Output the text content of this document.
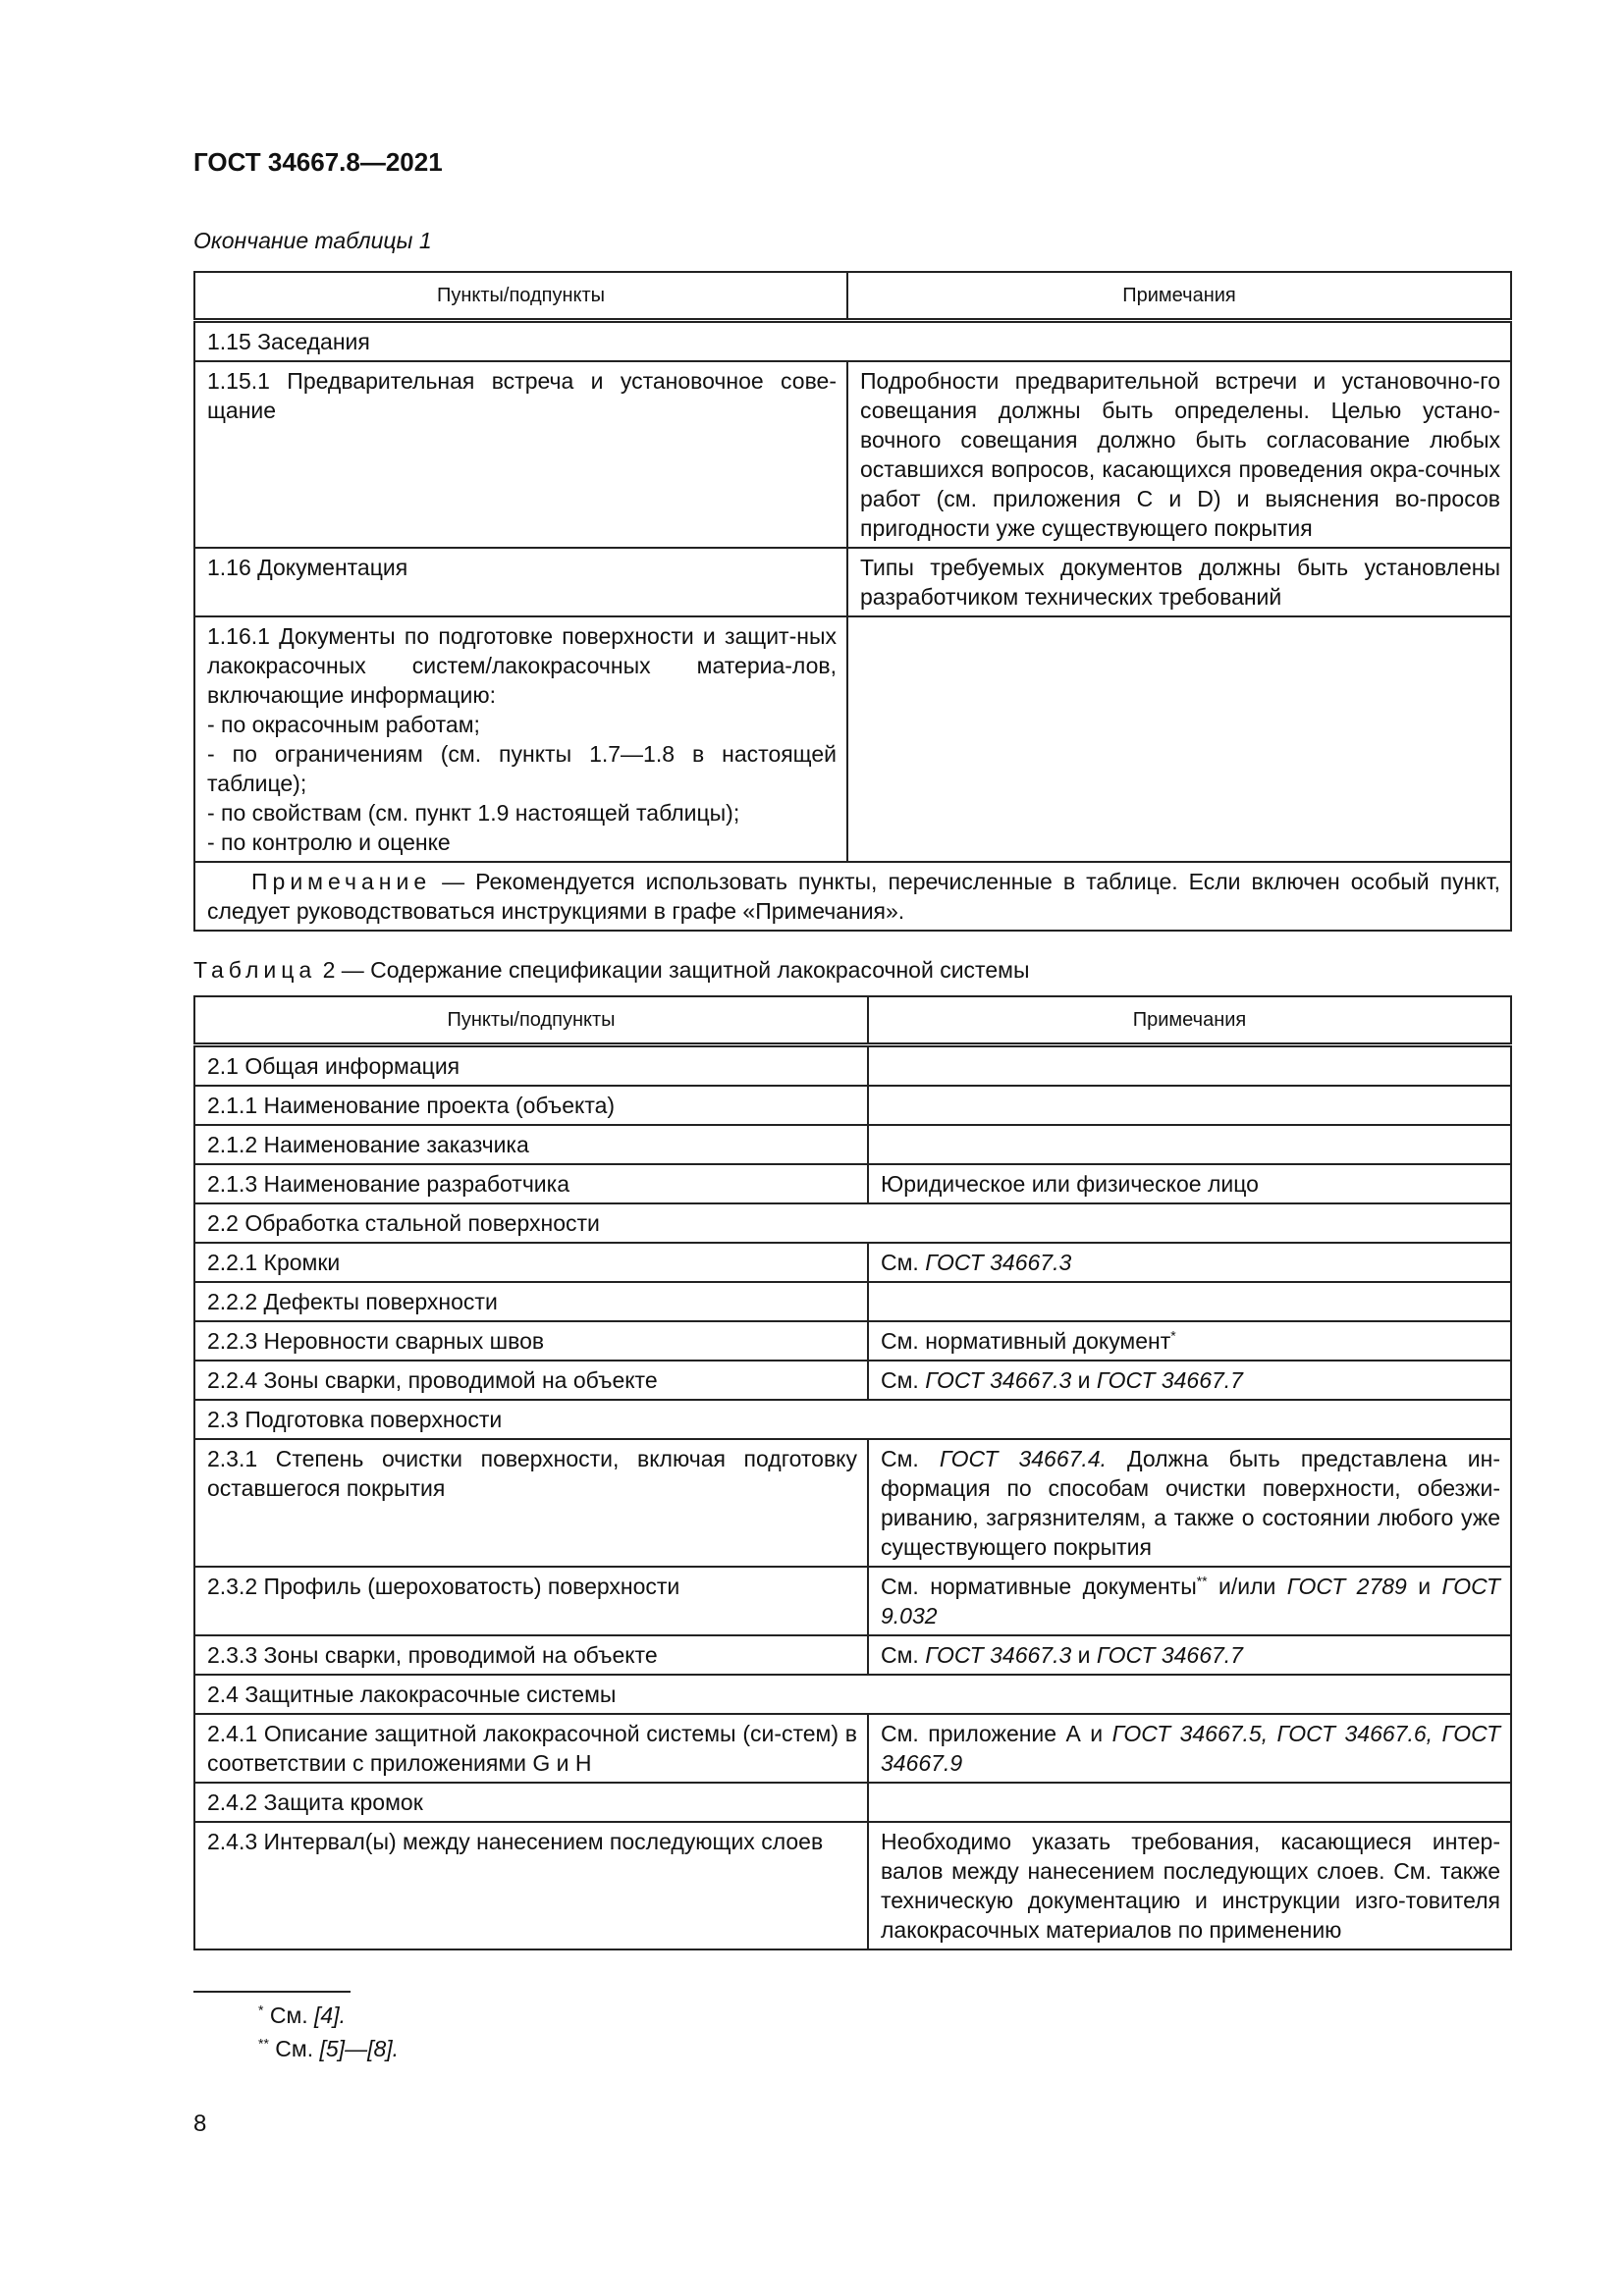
ГОСТ 34667.8—2021
Окончание таблицы 1
Пункты/подпункты	Примечания
1.15 Заседания	
1.15.1 Предварительная встреча и установочное сове-щание	Подробности предварительной встречи и установочно-го совещания должны быть определены. Целью устано-вочного совещания должно быть согласование любых оставшихся вопросов, касающихся проведения окра-сочных работ (см. приложения С и D) и выяснения во-просов пригодности уже существующего покрытия
1.16 Документация	Типы требуемых документов должны быть установлены разработчиком технических требований

1.16.1 Документы по подготовке поверхности и защит-ных лакокрасочных систем/лакокрасочных материа-лов, включающие информацию:
- по окрасочным работам;
- по ограничениям (см. пункты 1.7—1.8 в настоящей таблице);
- по свойствам (см. пункт 1.9 настоящей таблицы);
- по контролю и оценке	

Примечание — Рекомендуется использовать пункты, перечисленные в таблице. Если включен особый пункт, следует руководствоваться инструкциями в графе «Примечания».	
Таблица 2 — Содержание спецификации защитной лакокрасочной системы
Пункты/подпункты	Примечания
2.1 Общая информация	
2.1.1 Наименование проекта (объекта)	
2.1.2 Наименование заказчика	
2.1.3 Наименование разработчика	Юридическое или физическое лицо
2.2 Обработка стальной поверхности	
2.2.1 Кромки	См. ГОСТ 34667.3
2.2.2 Дефекты поверхности	
2.2.3 Неровности сварных швов	См. нормативный документ*
2.2.4 Зоны сварки, проводимой на объекте	См. ГОСТ 34667.3 и ГОСТ 34667.7
2.3 Подготовка поверхности	
2.3.1 Степень очистки поверхности, включая подготовку оставшегося покрытия	См. ГОСТ 34667.4. Должна быть представлена ин-формация по способам очистки поверхности, обезжи-риванию, загрязнителям, а также о состоянии любого уже существующего покрытия
2.3.2 Профиль (шероховатость) поверхности	См. нормативные документы** и/или ГОСТ 2789 и ГОСТ 9.032
2.3.3 Зоны сварки, проводимой на объекте	См. ГОСТ 34667.3 и ГОСТ 34667.7
2.4 Защитные лакокрасочные системы	
2.4.1 Описание защитной лакокрасочной системы (си-стем) в соответствии с приложениями G и H	См. приложение А и ГОСТ 34667.5, ГОСТ 34667.6, ГОСТ 34667.9
2.4.2 Защита кромок	
2.4.3 Интервал(ы) между нанесением последующих слоев	Необходимо указать требования, касающиеся интер-валов между нанесением последующих слоев. См. также техническую документацию и инструкции изго-товителя лакокрасочных материалов по применению
* См. [4].
** См. [5]—[8].
8
